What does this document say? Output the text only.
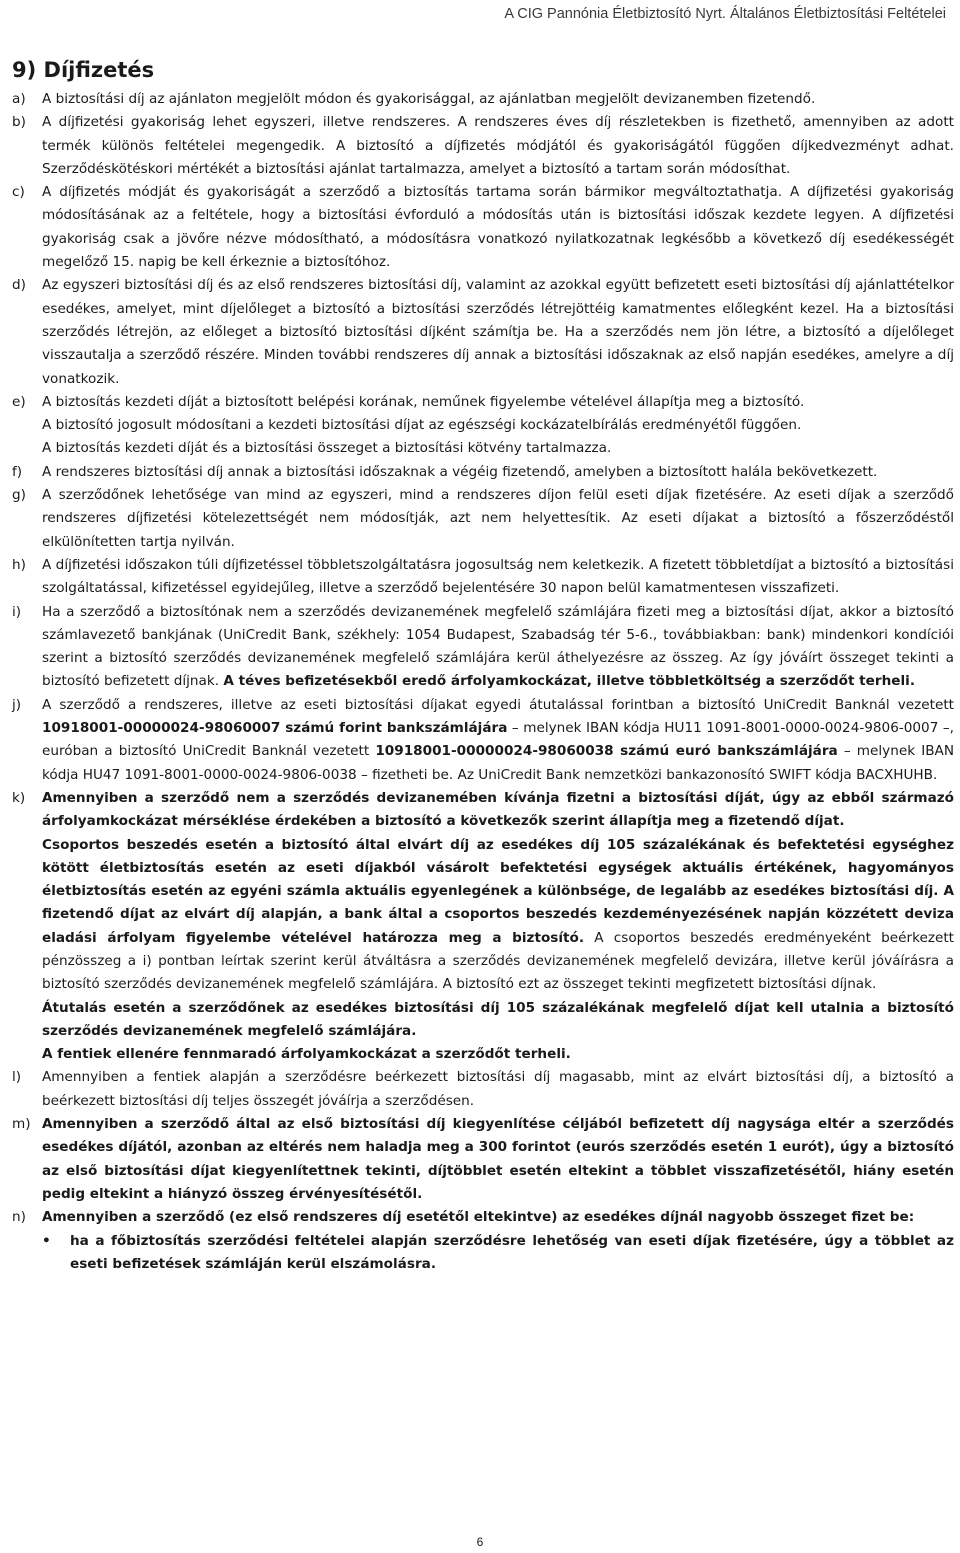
A CIG Pannónia Életbiztosító Nyrt. Általános Életbiztosítási Feltételei
9) Díjfizetés
a)	A biztosítási díj az ajánlaton megjelölt módon és gyakorisággal, az ajánlatban megjelölt devizanemben fizetendő.
b)	A díjfizetési gyakoriság lehet egyszeri, illetve rendszeres. A rendszeres éves díj részletekben is fizethető, amennyiben az adott termék különös feltételei megengedik. A biztosító a díjfizetés módjától és gyakoriságától függően díjkedvezményt adhat. Szerződéskötéskori mértékét a biztosítási ajánlat tartalmazza, amelyet a biztosító a tartam során módosíthat.
c)	A díjfizetés módját és gyakoriságát a szerződő a biztosítás tartama során bármikor megváltoztathatja. A díjfizetési gyakoriság módosításának az a feltétele, hogy a biztosítási évforduló a módosítás után is biztosítási időszak kezdete legyen. A díjfizetési gyakoriság csak a jövőre nézve módosítható, a módosításra vonatkozó nyilatkozatnak legkésőbb a következő díj esedékességét megelőző 15. napig be kell érkeznie a biztosítóhoz.
d)	Az egyszeri biztosítási díj és az első rendszeres biztosítási díj, valamint az azokkal együtt befizetett eseti biztosítási díj ajánlattételkor esedékes, amelyet, mint díjelőleget a biztosító a biztosítási szerződés létrejöttéig kamatmentes előlegként kezel. Ha a biztosítási szerződés létrejön, az előleget a biztosító biztosítási díjként számítja be. Ha a szerződés nem jön létre, a biztosító a díjelőleget visszautalja a szerződő részére. Minden további rendszeres díj annak a biztosítási időszaknak az első napján esedékes, amelyre a díj vonatkozik.
e)	A biztosítás kezdeti díját a biztosított belépési korának, neműnek figyelembe vételével állapítja meg a biztosító.
A biztosító jogosult módosítani a kezdeti biztosítási díjat az egészségi kockázatelbírálás eredményétől függően.
A biztosítás kezdeti díját és a biztosítási összeget a biztosítási kötvény tartalmazza.
f)	A rendszeres biztosítási díj annak a biztosítási időszaknak a végéig fizetendő, amelyben a biztosított halála bekövetkezett.
g)	A szerződőnek lehetősége van mind az egyszeri, mind a rendszeres díjon felül eseti díjak fizetésére. Az eseti díjak a szerződő rendszeres díjfizetési kötelezettségét nem módosítják, azt nem helyettesítik. Az eseti díjakat a biztosító a főszerződéstől elkülönítetten tartja nyilván.
h)	A díjfizetési időszakon túli díjfizetéssel többletszolgáltatásra jogosultság nem keletkezik. A fizetett többletdíjat a biztosító a biztosítási szolgáltatással, kifizetéssel egyidejűleg, illetve a szerződő bejelentésére 30 napon belül kamatmentesen visszafizeti.
i)	Ha a szerződő a biztosítónak nem a szerződés devizanemének megfelelő számlájára fizeti meg a biztosítási díjat, akkor a biztosító számlavezető bankjának (UniCredit Bank, székhely: 1054 Budapest, Szabadság tér 5-6., továbbiakban: bank) mindenkori kondíciói szerint a biztosító szerződés devizanemének megfelelő számlájára kerül áthelyezésre az összeg. Az így jóváírt összeget tekinti a biztosító befizetett díjnak. A téves befizetésekből eredő árfolyamkockázat, illetve többletköltség a szerződőt terheli.
j)	A szerződő a rendszeres, illetve az eseti biztosítási díjakat egyedi átutalással forintban a biztosító UniCredit Banknál vezetett 10918001-00000024-98060007 számú forint bankszámlájára – melynek IBAN kódja HU11 1091-8001-0000-0024-9806-0007 –, euróban a biztosító UniCredit Banknál vezetett 10918001-00000024-98060038 számú euró bankszámlájára – melynek IBAN kódja HU47 1091-8001-0000-0024-9806-0038 – fizetheti be. Az UniCredit Bank nemzetközi bankazonosító SWIFT kódja BACXHUHB.
k)	Amennyiben a szerződő nem a szerződés devizanemében kívánja fizetni a biztosítási díját, úgy az ebből származó árfolyamkockázat mérséklése érdekében a biztosító a következők szerint állapítja meg a fizetendő díjat.
Csoportos beszedés esetén a biztosító által elvárt díj az esedékes díj 105 százalékának és befektetési egységhez kötött életbiztosítás esetén az eseti díjakból vásárolt befektetési egységek aktuális értékének, hagyományos életbiztosítás esetén az egyéni számla aktuális egyenlegének a különbsége, de legalább az esedékes biztosítási díj. A fizetendő díjat az elvárt díj alapján, a bank által a csoportos beszedés kezdeményezésének napján közzétett deviza eladási árfolyam figyelembe vételével határozza meg a biztosító. A csoportos beszedés eredményeként beérkezett pénzösszeg a i) pontban leírtak szerint kerül átváltásra a szerződés devizanemének megfelelő devizára, illetve kerül jóváírásra a biztosító szerződés devizanemének megfelelő számlájára. A biztosító ezt az összeget tekinti megfizetett biztosítási díjnak.
Átutalás esetén a szerződőnek az esedékes biztosítási díj 105 százalékának megfelelő díjat kell utalnia a biztosító szerződés devizanemének megfelelő számlájára.
A fentiek ellenére fennmaradó árfolyamkockázat a szerződőt terheli.
l)	Amennyiben a fentiek alapján a szerződésre beérkezett biztosítási díj magasabb, mint az elvárt biztosítási díj, a biztosító a beérkezett biztosítási díj teljes összegét jóváírja a szerződésen.
m) Amennyiben a szerződő által az első biztosítási díj kiegyenlítése céljából befizetett díj nagysága eltér a szerződés esedékes díjától, azonban az eltérés nem haladja meg a 300 forintot (eurós szerződés esetén 1 eurót), úgy a biztosító az első biztosítási díjat kiegyenlítettnek tekinti, díjtöbblet esetén eltekint a többlet visszafizetésétől, hiány esetén pedig eltekint a hiányzó összeg érvényesítésétől.
n)	Amennyiben a szerződő (ez első rendszeres díj esetétől eltekintve) az esedékes díjnál nagyobb összeget fizet be:
•	ha a főbiztosítás szerződési feltételei alapján szerződésre lehetőség van eseti díjak fizetésére, úgy a többlet az eseti befizetések számláján kerül elszámolásra.
6
